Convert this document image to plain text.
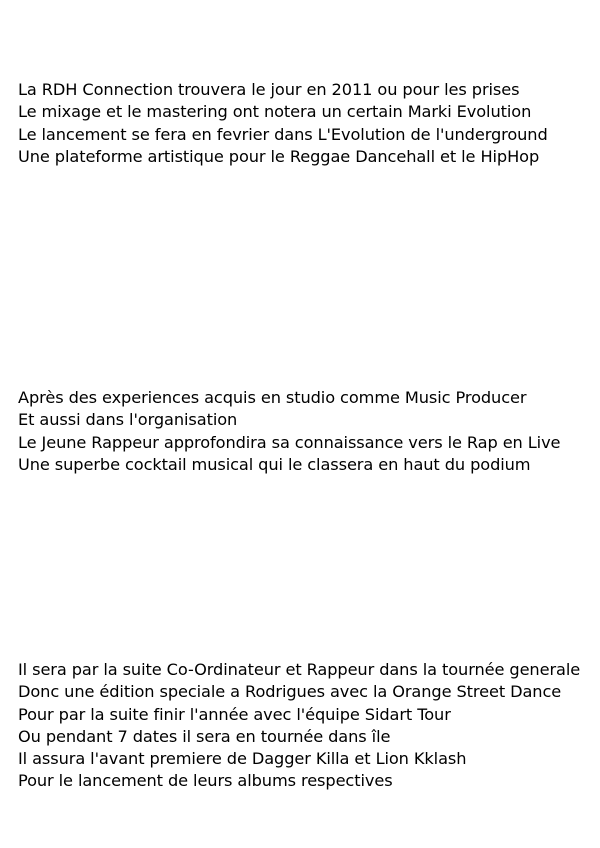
La RDH Connection trouvera le jour en 2011 ou pour les prises
Le mixage et le mastering ont notera un certain Marki Evolution
Le lancement se fera en fevrier dans L'Evolution de l'underground
Une plateforme artistique pour le Reggae Dancehall et le HipHop
Après des experiences acquis en studio comme Music Producer
Et aussi dans l'organisation
Le Jeune Rappeur approfondira sa connaissance vers le Rap en Live
Une superbe cocktail musical qui le classera en haut du podium
Il sera par la suite Co-Ordinateur et Rappeur dans la tournée generale
Donc une édition speciale a Rodrigues avec la Orange Street Dance
Pour par la suite finir l'année avec l'équipe Sidart Tour
Ou pendant 7 dates il sera en tournée dans île
Il assura l'avant premiere de Dagger Killa et Lion Kklash
Pour le lancement de leurs albums respectives
